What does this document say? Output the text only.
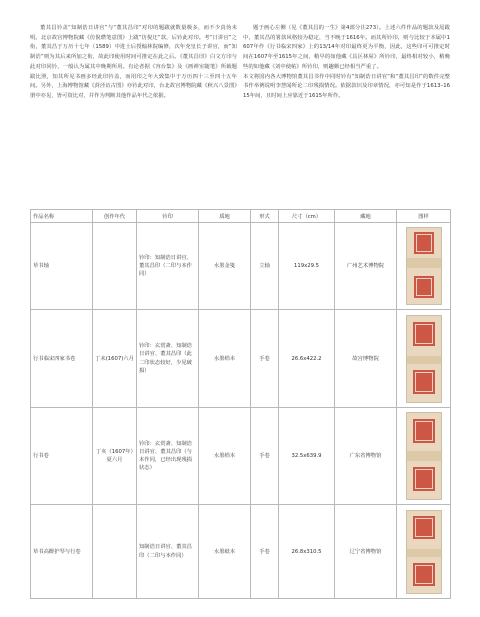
董其昌钤盖“知制诰日讲官”与“董其昌印”对印的题跋就数量极多，而不少真伪未明。北京故宫博物院藏《仿倪瓒笔意图》上跋“仿倪迂”款，后钤此对印。考“日讲官”之衔，董其昌于万历十七年（1589）中进士后授翰林院编修，次年充皇长子讲官，而“知制诰”则为其后来所加之衔，故此印使用时间可推定在此之后。《董其昌印》白文方印与此对印同钤，一般认为属其中晚期所用。有论者据《容台集》及《画禅室随笔》所载题跋比照，知其所见书画多经此印钤盖，而用印之年大致集中于万历四十三至四十五年间。另外，上海博物馆藏《葑泾访古图》亦钤此对印，台北故宫博物院藏《秋兴八景图》册中亦见，皆可资比对，并作为判断其他作品年代之依据。

题于画心左侧（见《董其昌的一生》第4部分注273）。上述六件作品的题款及尾跋中，董其昌的署款风格较为稳定，当不晚于1616年。而其所钤印，则与比较于本属中1607年作《行书临宋四家》上的13/14年对印最终更为平衡，因此，这些印可可推定时间在1607年至1615年之间，稍早的如他藏《具区林屋》所钤印，最终相对较小，稍晚些的如他藏《刘中使帖》所钤印，则趣颇已经相当严重了。
本文将国内各大博物馆董其昌书作中同时钤有“知制诰日讲官”和“董其昌印”的数件完整书作举例说明李慧闻所论二印残损情况。依据款识及印章情况，亦可知是作于1613–1615年间，且时间上应靠近于1615年所作。

作品名称	创作年代	钤印	质地	形式	尺寸（cm）	藏地	图样
草书轴		钤印：知制诰日讲官、董其昌印（二印与本作同）	水墨金笺	立轴	119x29.5	广州艺术博物院	

行书临宋四家书卷	丁未(1607)六月	钤印：玄赏斋、知制诰日讲官、董其昌印（此二印状态较好，少见破损）	水墨绢本	手卷	26.6x422.2	故宫博物院	

行书卷	丁亥（1607年）夏六月	钤印：玄赏斋、知制诰日讲官、董其昌印（与本作同，已经出现残损状态）	水墨绢本	手卷	32.5x639.9	广东省博物馆	

草书高醉护琴与行卷		知制诰日讲官、董其昌印（二印与本作同）	水墨纸本	手卷	26.8x310.5	辽宁省博物馆	
